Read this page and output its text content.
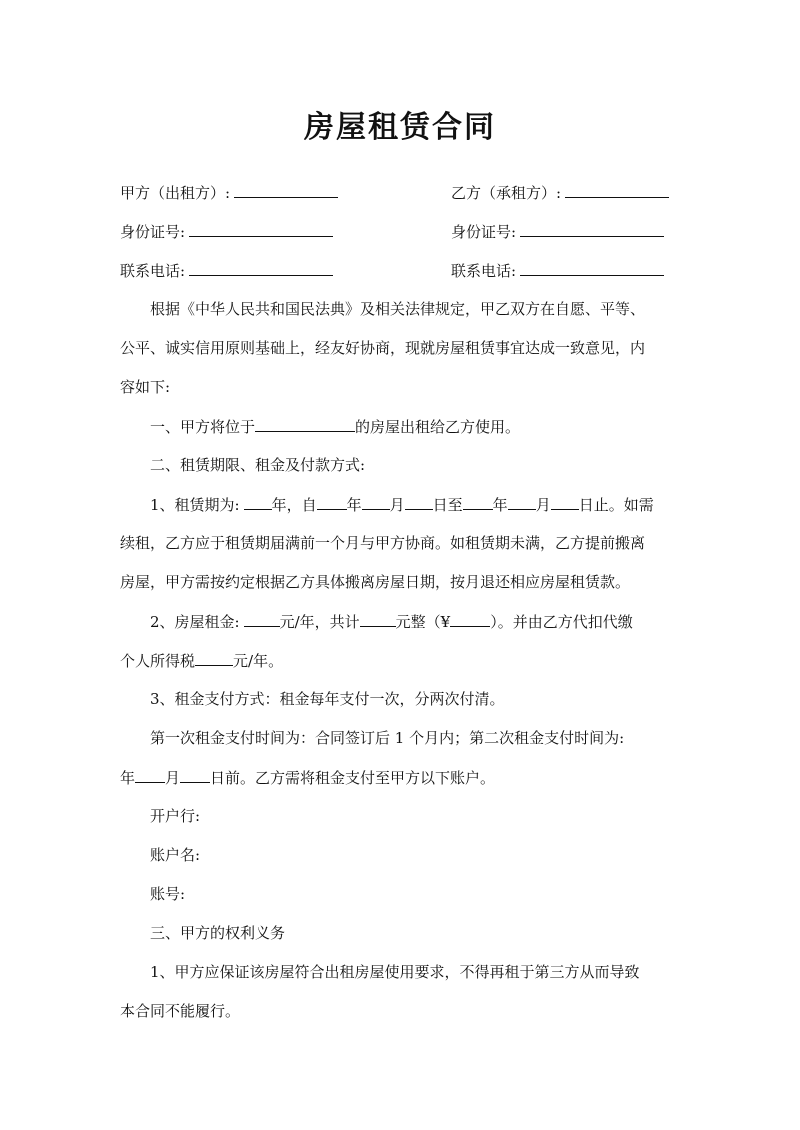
房屋租赁合同
甲方（出租方）:	乙方（承租方）:
身份证号:	身份证号:
联系电话:	联系电话:
根据《中华人民共和国民法典》及相关法律规定，甲乙双方在自愿、平等、
公平、诚实信用原则基础上，经友好协商，现就房屋租赁事宜达成一致意见，内
容如下:
一、甲方将位于	的房屋出租给乙方使用。
二、租赁期限、租金及付款方式:
1、租赁期为: 年，自 年 月 日至 年 月 日止。如需
续租，乙方应于租赁期届满前一个月与甲方协商。如租赁期未满，乙方提前搬离
房屋，甲方需按约定根据乙方具体搬离房屋日期，按月退还相应房屋租赁款。
2、房屋租金:	元/年，共计 元整（¥	）。并由乙方代扣代缴
个人所得税	元/年。
3、租金支付方式：租金每年支付一次，分两次付清。
第一次租金支付时间为：合同签订后 1 个月内；第二次租金支付时间为:
年 月 日前。乙方需将租金支付至甲方以下账户。
开户行:
账户名:
账号:
三、甲方的权利义务
1、甲方应保证该房屋符合出租房屋使用要求，不得再租于第三方从而导致
本合同不能履行。
